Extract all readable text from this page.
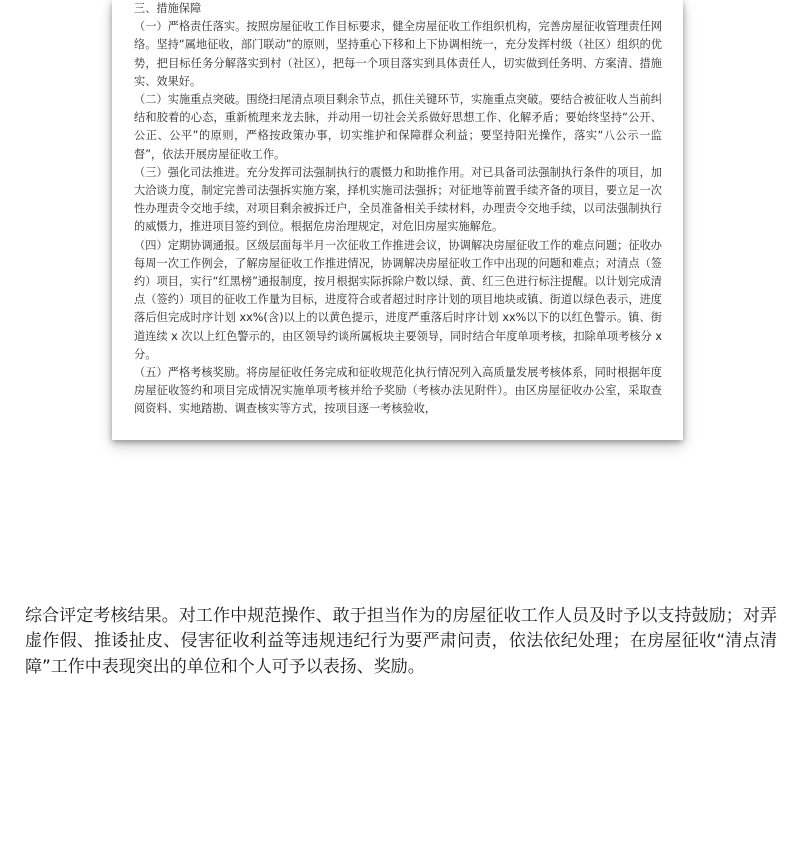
三、措施保障

（一）严格责任落实。按照房屋征收工作目标要求，健全房屋征收工作组织机构，完善房屋征收管理责任网络。坚持“属地征收，部门联动”的原则，坚持重心下移和上下协调相统一，充分发挥村级（社区）组织的优势，把目标任务分解落实到村（社区），把每一个项目落实到具体责任人，切实做到任务明、方案清、措施实、效果好。

（二）实施重点突破。围绕扫尾清点项目剩余节点，抓住关键环节，实施重点突破。要结合被征收人当前纠结和胶着的心态，重新梳理来龙去脉，并动用一切社会关系做好思想工作、化解矛盾；要始终坚持“公开、公正、公平”的原则，严格按政策办事，切实维护和保障群众利益；要坚持阳光操作，落实“八公示一监督”，依法开展房屋征收工作。

（三）强化司法推进。充分发挥司法强制执行的震慑力和助推作用。对已具备司法强制执行条件的项目，加大洽谈力度，制定完善司法强拆实施方案，择机实施司法强拆；对征地等前置手续齐备的项目，要立足一次性办理责令交地手续，对项目剩余被拆迁户，全员准备相关手续材料，办理责令交地手续，以司法强制执行的威慑力，推进项目签约到位。根据危房治理规定，对危旧房屋实施解危。

（四）定期协调通报。区级层面每半月一次征收工作推进会议，协调解决房屋征收工作的难点问题；征收办每周一次工作例会，了解房屋征收工作推进情况，协调解决房屋征收工作中出现的问题和难点；对清点（签约）项目，实行“红黑榜”通报制度，按月根据实际拆除户数以绿、黄、红三色进行标注提醒。以计划完成清点（签约）项目的征收工作量为目标，进度符合或者超过时序计划的项目地块或镇、街道以绿色表示，进度落后但完成时序计划 xx%(含)以上的以黄色提示，进度严重落后时序计划 xx%以下的以红色警示。镇、街道连续 x 次以上红色警示的，由区领导约谈所属板块主要领导，同时结合年度单项考核，扣除单项考核分 x 分。

（五）严格考核奖励。将房屋征收任务完成和征收规范化执行情况列入高质量发展考核体系，同时根据年度房屋征收签约和项目完成情况实施单项考核并给予奖励（考核办法见附件）。由区房屋征收办公室，采取查阅资料、实地踏勘、调查核实等方式，按项目逐一考核验收，

综合评定考核结果。对工作中规范操作、敢于担当作为的房屋征收工作人员及时予以支持鼓励；对弄虚作假、推诿扯皮、侵害征收利益等违规违纪行为要严肃问责，依法依纪处理；在房屋征收“清点清障”工作中表现突出的单位和个人可予以表扬、奖励。
